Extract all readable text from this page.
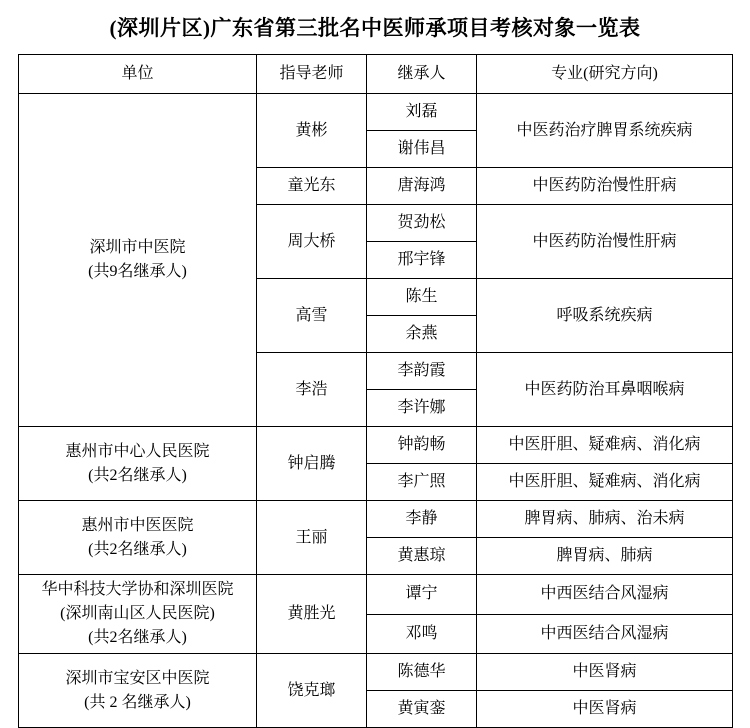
(深圳片区)广东省第三批名中医师承项目考核对象一览表
单位	指导老师	继承人	专业(研究方向)

深圳市中医院
(共9名继承人)	黄彬	刘磊	中医药治疗脾胃系统疾病
		谢伟昌	
	童光东	唐海鸿	中医药防治慢性肝病
	周大桥	贺劲松	中医药防治慢性肝病
		邢宇锋	
	高雪	陈生	呼吸系统疾病
		余燕	
	李浩	李韵霞	中医药防治耳鼻咽喉病
		李许娜	

惠州市中心人民医院
(共2名继承人)	钟启腾	钟韵畅	中医肝胆、疑难病、消化病
		李广照	中医肝胆、疑难病、消化病

惠州市中医医院
(共2名继承人)	王丽	李静	脾胃病、肺病、治未病
		黄惠琼	脾胃病、肺病

华中科技大学协和深圳医院
(深圳南山区人民医院)
(共2名继承人)	黄胜光	谭宁	中西医结合风湿病
		邓鸣	中西医结合风湿病

深圳市宝安区中医院
(共 2 名继承人)	饶克瑯	陈德华	中医肾病
		黄寅銮	中医肾病
